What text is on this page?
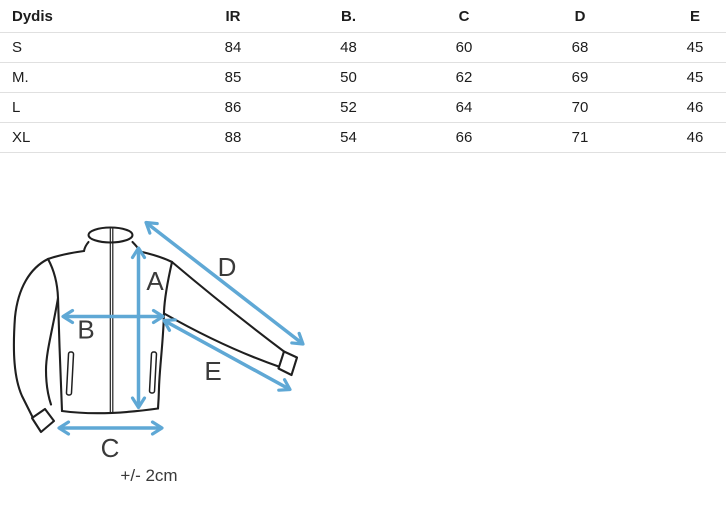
Dydis	IR	B.	C	D	E
S	84	48	60	68	45
M.	85	50	62	69	45
L	86	52	64	70	46
XL	88	54	66	71	46
A
B
C
D
E
+/- 2cm
